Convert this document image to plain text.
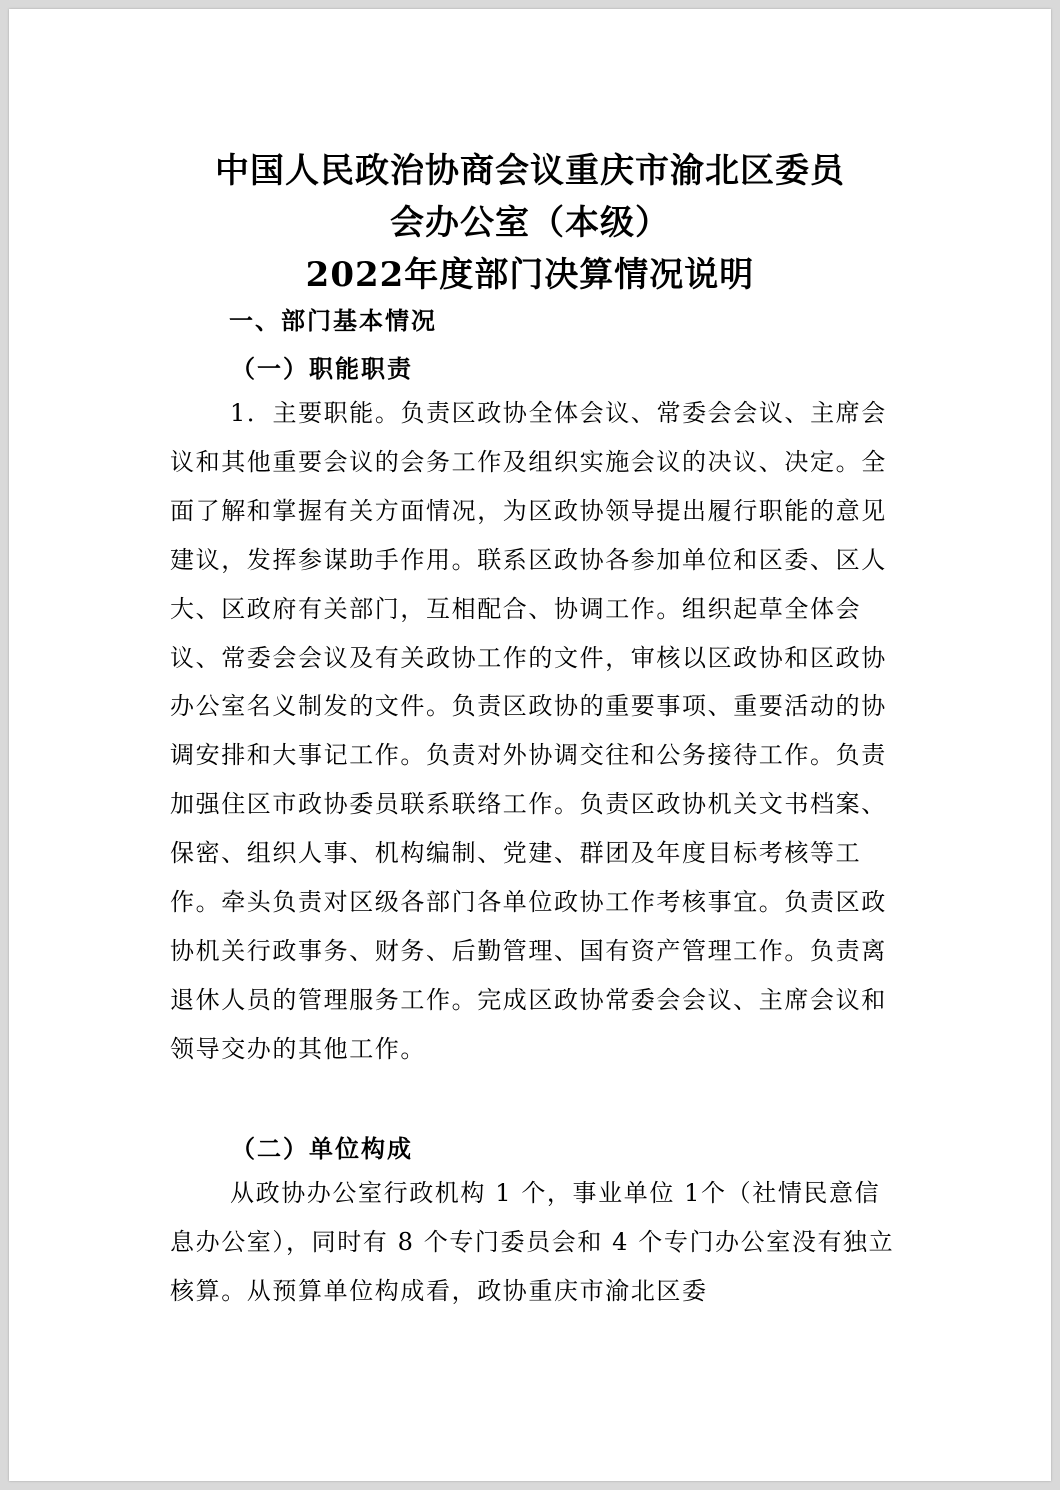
中国人民政治协商会议重庆市渝北区委员
会办公室（本级）
2022年度部门决算情况说明
一、部门基本情况
（一）职能职责

1．主要职能。负责区政协全体会议、常委会会议、主席会议和其他重要会议的会务工作及组织实施会议的决议、决定。全面了解和掌握有关方面情况，为区政协领导提出履行职能的意见建议，发挥参谋助手作用。联系区政协各参加单位和区委、区人大、区政府有关部门，互相配合、协调工作。组织起草全体会议、常委会会议及有关政协工作的文件，审核以区政协和区政协办公室名义制发的文件。负责区政协的重要事项、重要活动的协调安排和大事记工作。负责对外协调交往和公务接待工作。负责加强住区市政协委员联系联络工作。负责区政协机关文书档案、保密、组织人事、机构编制、党建、群团及年度目标考核等工作。牵头负责对区级各部门各单位政协工作考核事宜。负责区政协机关行政事务、财务、后勤管理、国有资产管理工作。负责离退休人员的管理服务工作。完成区政协常委会会议、主席会议和领导交办的其他工作。

（二）单位构成

从政协办公室行政机构 1 个，事业单位 1个（社情民意信息办公室），同时有 8 个专门委员会和 4 个专门办公室没有独立核算。从预算单位构成看，政协重庆市渝北区委
